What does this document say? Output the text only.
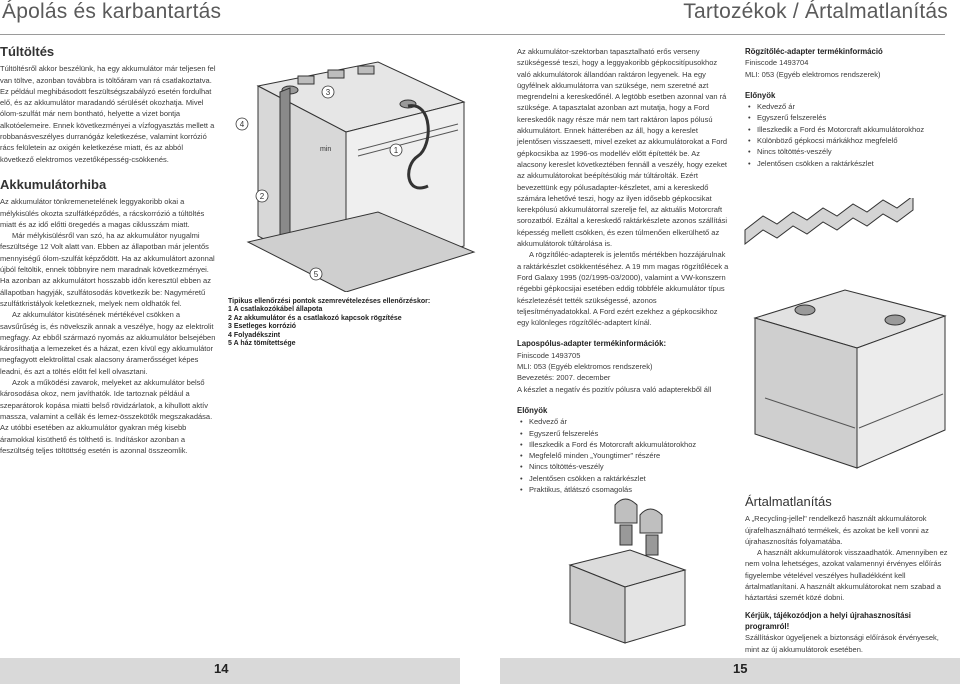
Ápolás és karbantartás	Tartozékok / Ártalmatlanítás
Túltöltés

Túltöltésről akkor beszélünk, ha egy akkumulátor már teljesen fel van töltve, azonban továbbra is töltőáram van rá csatlakoztatva. Ez például meghibásodott feszültségszabályzó esetén fordulhat elő, és az akkumulátor maradandó sérülését okozhatja. Mivel ólom-szulfát már nem bontható, helyette a vizet bontja alkotóelemeire. Ennek következményei a vízfogyasztás mellett a robbanásveszélyes durranógáz keletkezése, valamint korrózió rács felületein az oxigén keletkezése miatt, és az abból következő elektromos vezetőképesség-csökkenés.

Akkumulátorhiba

Az akkumulátor tönkremenetelének leggyakoribb okai a mélykisülés okozta szulfátképződés, a rácskorrózió a túltöltés miatt és az idő előtti öregedés a magas ciklusszám miatt.

Már mélykisülésről van szó, ha az akkumulátor nyugalmi feszültsége 12 Volt alatt van. Ebben az állapotban már jelentős mennyiségű ólom-szulfát képződött. Ha az akkumulátort azonnal újból feltöltik, ennek többnyire nem maradnak következményei. Ha azonban az akkumulátort hosszabb időn keresztül ebben az állapotban hagyják, szulfátosodás következik be: Nagyméretű szulfátkristályok keletkeznek, melyek nem oldhatók fel.

Az akkumulátor kisütésének mértékével csökken a savsűrűség is, és növekszik annak a veszélye, hogy az elektrolit megfagy. Az ebből származó nyomás az akkumulátor belsejében károsíthatja a lemezeket és a házat, ezen kívül egy akkumulátor megfagyott elektrolittal csak alacsony áramerősséget képes leadni, és azt a töltés előtt fel kell olvasztani.

Azok a működési zavarok, melyeket az akkumulátor belső károsodása okoz, nem javíthatók. Ide tartoznak például a szeparátorok kopása miatti belső rövidzárlatok, a kihullott aktív massza, valamint a cellák és lemez-összekötők megszakadása. Az utóbbi esetében az akkumulátor gyakran még kisebb áramokkal kisüthető és tölthető is. Indításkor azonban a feszültség teljes töltöttség esetén is azonnal összeomlik.

min	1
2
3
4
5
Tipikus ellenőrzési pontok szemrevételezéses ellenőrzéskor:
1 A csatlakozókábel állapota
2 Az akkumulátor és a csatlakozó kapcsok rögzítése
3 Esetleges korrózió
4 Folyadékszint
5 A ház tömítettsége

Az akkumulátor-szektorban tapasztalható erős verseny szükségessé teszi, hogy a leggyakoribb gépkocsitípusokhoz való akkumulátorok állandóan raktáron legyenek. Ha egy ügyfélnek akkumulátorra van szüksége, nem szeretné azt megrendelni a kereskedőnél. A legtöbb esetben azonnal van rá szüksége. A tapasztalat azonban azt mutatja, hogy a Ford kereskedők nagy része már nem tart raktáron lapos pólusú akkumulátort. Ennek hátterében az áll, hogy a kereslet jelentősen visszaesett, mivel ezeket az akkumulátorokat a Ford gépkocsikba az 1996-os modellév előtt építették be. Az alacsony kereslet következtében fennáll a veszély, hogy ezeket az akkumulátorokat beépítésükig már túltárolták. Ezért bevezettünk egy pólusadapter-készletet, ami a kereskedő számára lehetővé teszi, hogy az ilyen idősebb gépkocsikat kerekpólusú akkumulátorral szerelje fel, az aktuális Motorcraft sorozatból. Ezáltal a kereskedő raktárkészlete azonos szállítási képesség mellett csökken, és ezen túlmenően elkerülhető az akkumulátorok túltárolása is.

A rögzítőléc-adapterek is jelentős mértékben hozzájárulnak a raktárkészlet csökkentéséhez. A 19 mm magas rögzítőlécek a Ford Galaxy 1995 (02/1995-03/2000), valamint a VW-konszern régebbi gépkocsijai esetében eddig többféle akkumulátor típus készletezését tették szükségessé, azonos teljesítményadatokkal. A Ford ezért ezekhez a gépkocsikhoz egy különleges rögzítőléc-adaptert kínál.

Lapospólus-adapter termékinformációk:
Finiscode 1493705
MLI: 053 (Egyéb elektromos rendszerek)
Bevezetés: 2007. december
A készlet a negatív és pozitív pólusra való adapterekből áll
Előnyök
• Kedvező ár
• Egyszerű felszerelés
• Illeszkedik a Ford és Motorcraft akkumulátorokhoz
• Megfelelő minden „Youngtimer" részére
• Nincs töltöttés-veszély
• Jelentősen csökken a raktárkészlet
• Praktikus, átlátszó csomagolás
Rögzítőléc-adapter termékinformáció
Finiscode 1493704
MLI: 053 (Egyéb elektromos rendszerek)
Előnyök
• Kedvező ár
• Egyszerű felszerelés
• Illeszkedik a Ford és Motorcraft akkumulátorokhoz
• Különböző gépkocsi márkákhoz megfelelő
• Nincs töltöttés-veszély
• Jelentősen csökken a raktárkészlet
Ártalmatlanítás

A „Recycling-jellel" rendelkező használt akkumulátorok újrafelhasználható termékek, és azokat be kell vonni az újrahasznosítás folyamatába.

A használt akkumulátorok visszaadhatók. Amennyiben ez nem volna lehetséges, azokat valamennyi érvényes előírás figyelembe vételével veszélyes hulladékként kell ártalmatlanítani. A használt akkumulátorokat nem szabad a háztartási szemét közé dobni.

Kérjük, tájékozódjon a helyi újrahasznosítási programról!

Szállításkor ügyeljenek a biztonsági előírások érvényesek, mint az új akkumulátorok esetében.

14	15
